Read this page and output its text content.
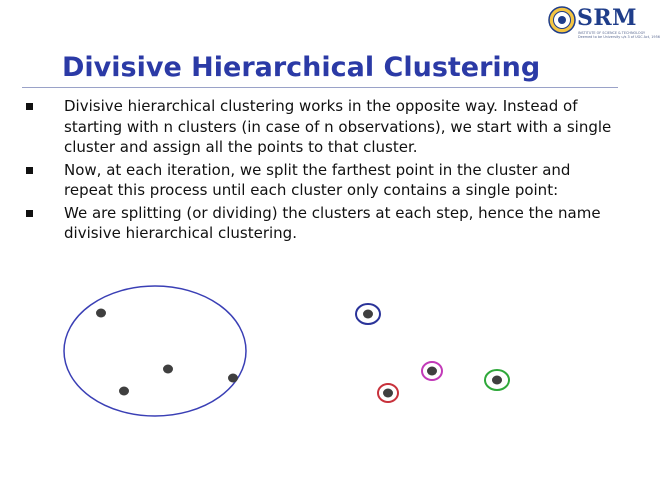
SRM
INSTITUTE OF SCIENCE & TECHNOLOGY
Deemed to be University u/s 3 of UGC Act, 1956
Divisive Hierarchical Clustering
Divisive hierarchical clustering works in the opposite way. Instead of starting with n clusters (in case of n observations), we start with a single cluster and assign all the points to that cluster.
Now, at each iteration, we split the farthest point in the cluster and repeat this process until each cluster only contains a single point:
We are splitting (or dividing) the clusters at each step, hence the name divisive hierarchical clustering.
